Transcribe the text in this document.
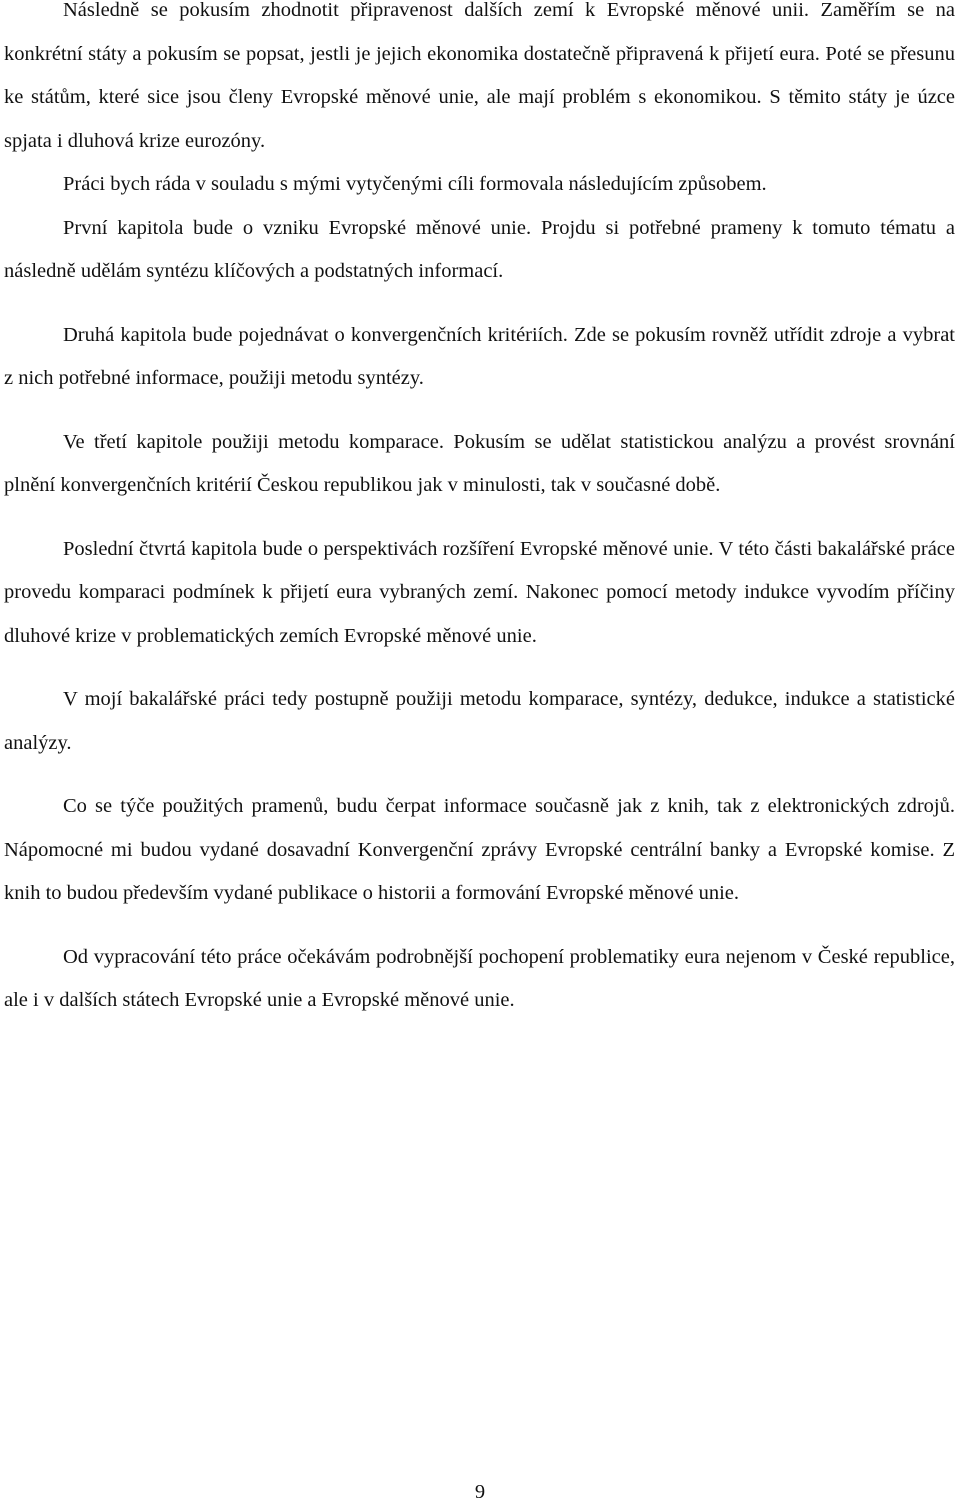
Následně se pokusím zhodnotit připravenost dalších zemí k Evropské měnové unii. Zaměřím se na konkrétní státy a pokusím se popsat, jestli je jejich ekonomika dostatečně připravená k přijetí eura. Poté se přesunu ke státům, které sice jsou členy Evropské měnové unie, ale mají problém s ekonomikou. S těmito státy je úzce spjata i dluhová krize eurozóny.

Práci bych ráda v souladu s mými vytyčenými cíli formovala následujícím způsobem.

První kapitola bude o vzniku Evropské měnové unie. Projdu si potřebné prameny k tomuto tématu a následně udělám syntézu klíčových a podstatných informací.

Druhá kapitola bude pojednávat o konvergenčních kritériích. Zde se pokusím rovněž utřídit zdroje a vybrat z nich potřebné informace, použiji metodu syntézy.

Ve třetí kapitole použiji metodu komparace. Pokusím se udělat statistickou analýzu a provést srovnání plnění konvergenčních kritérií Českou republikou jak v minulosti, tak v současné době.

Poslední čtvrtá kapitola bude o perspektivách rozšíření Evropské měnové unie. V této části bakalářské práce provedu komparaci podmínek k přijetí eura vybraných zemí. Nakonec pomocí metody indukce vyvodím příčiny dluhové krize v problematických zemích Evropské měnové unie.

V mojí bakalářské práci tedy postupně použiji metodu komparace, syntézy, dedukce, indukce a statistické analýzy.

Co se týče použitých pramenů, budu čerpat informace současně jak z knih, tak z elektronických zdrojů. Nápomocné mi budou vydané dosavadní Konvergenční zprávy Evropské centrální banky a Evropské komise. Z knih to budou především vydané publikace o historii a formování Evropské měnové unie.

Od vypracování této práce očekávám podrobnější pochopení problematiky eura nejenom v České republice, ale i v dalších státech Evropské unie a Evropské měnové unie.

9
